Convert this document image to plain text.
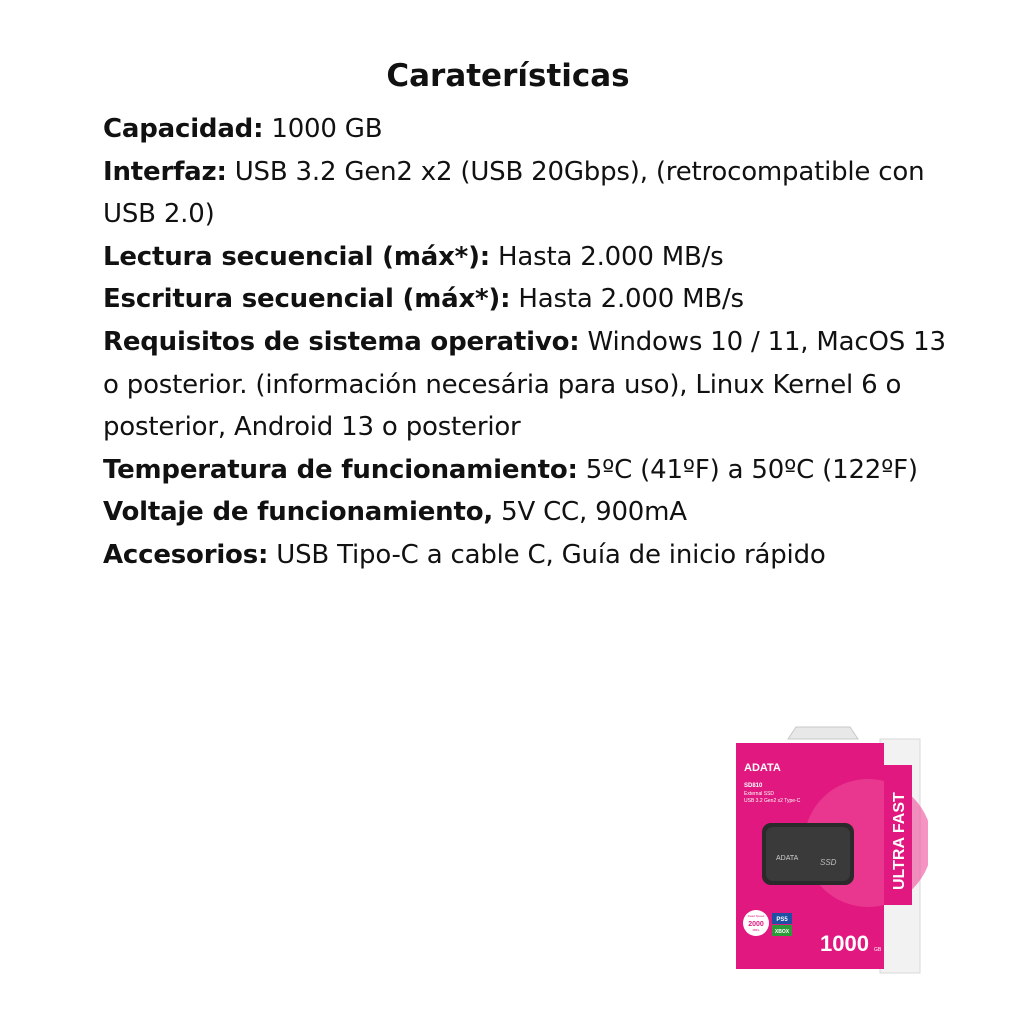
Caraterísticas

Capacidad: 1000 GB

Interfaz: USB 3.2 Gen2 x2 (USB 20Gbps), (retrocompatible con USB 2.0)

Lectura secuencial (máx*): Hasta 2.000 MB/s

Escritura secuencial (máx*): Hasta 2.000 MB/s

Requisitos de sistema operativo: Windows 10 / 11, MacOS 13 o posterior. (información necesária para uso), Linux Kernel 6 o posterior, Android 13 o posterior

Temperatura de funcionamiento: 5ºC (41ºF) a 50ºC (122ºF)

Voltaje de funcionamiento, 5V CC, 900mA

Accesorios: USB Tipo-C a cable C, Guía de inicio rápido

ULTRA FAST
ADATA
SD810
External SSD
USB 3.2 Gen2 x2 Type-C
ADATA	SSD
Read Speed
2000
MB/s
PS5
XBOX 1000 GB
